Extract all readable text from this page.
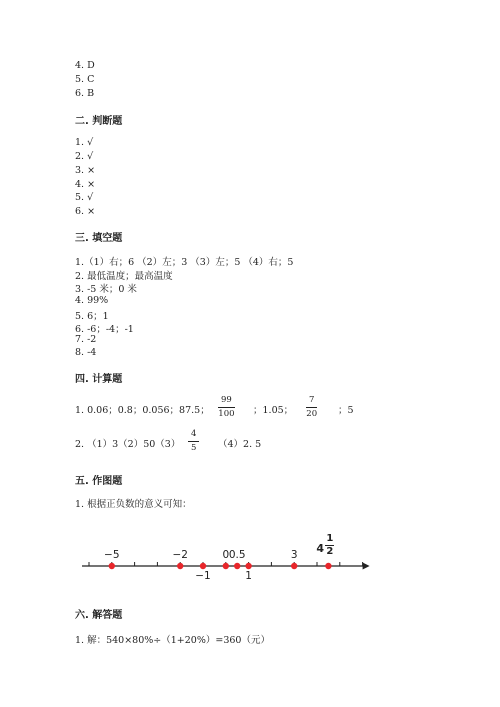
4. D
5. C
6. B
二. 判断题
1. √
2. √
3. ×
4. ×
5. √
6. ×
三. 填空题
1.（1）右；6 （2）左；3 （3）左；5 （4）右；5
2. 最低温度；最高温度
3. -5 米；0 米
4. 99%
5. 6；1
6. -6；-4；-1
7. -2
8. -4
四. 计算题
1. 0.06；0.8；0.056；87.5； $\frac{99}{100}$ ；1.05； $\frac{7}{20}$ ；5
2. $(1)3(2)50(3) \frac{4}{5} (4)2$. 5
五. 作图题
1. 根据正负数的意义可知：
−5	−2	0 0.5	3
−1	1
$4 \frac{1}{2}$
六. 解答题
1. 解：540×80%÷（1+20%）=360（元）
